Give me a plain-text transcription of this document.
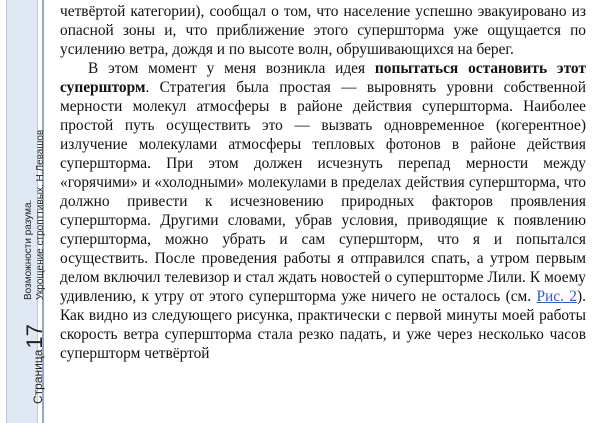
Страница
17
Возможности разума. Укрощение стропттивых. Н.Левашов

четвёртой категории), сообщал о том, что население успешно эвакуировано из опасной зоны и, что приближение этого супершторма уже ощущается по усилению ветра, дождя и по высоте волн, обрушивающихся на берег.

В этом момент у меня возникла идея попытаться остановить этот супершторм. Стратегия была простая — выровнять уровни собственной мерности молекул атмосферы в районе действия супершторма. Наиболее простой путь осуществить это — вызвать одновременное (когерентное) излучение молекулами атмосферы тепловых фотонов в районе действия супершторма. При этом должен исчезнуть перепад мерности между «горячими» и «холодными» молекулами в пределах действия супершторма, что должно привести к исчезновению природных факторов проявления супершторма. Другими словами, убрав условия, приводящие к появлению супершторма, можно убрать и сам супершторм, что я и попытался осуществить. После проведения работы я отправился спать, а утром первым делом включил телевизор и стал ждать новостей о супершторме Лили. К моему удивлению, к утру от этого супершторма уже ничего не осталось (см. Рис. 2). Как видно из следующего рисунка, практически с первой минуты моей работы скорость ветра супершторма стала резко падать, и уже через несколько часов супершторм четвёртой
